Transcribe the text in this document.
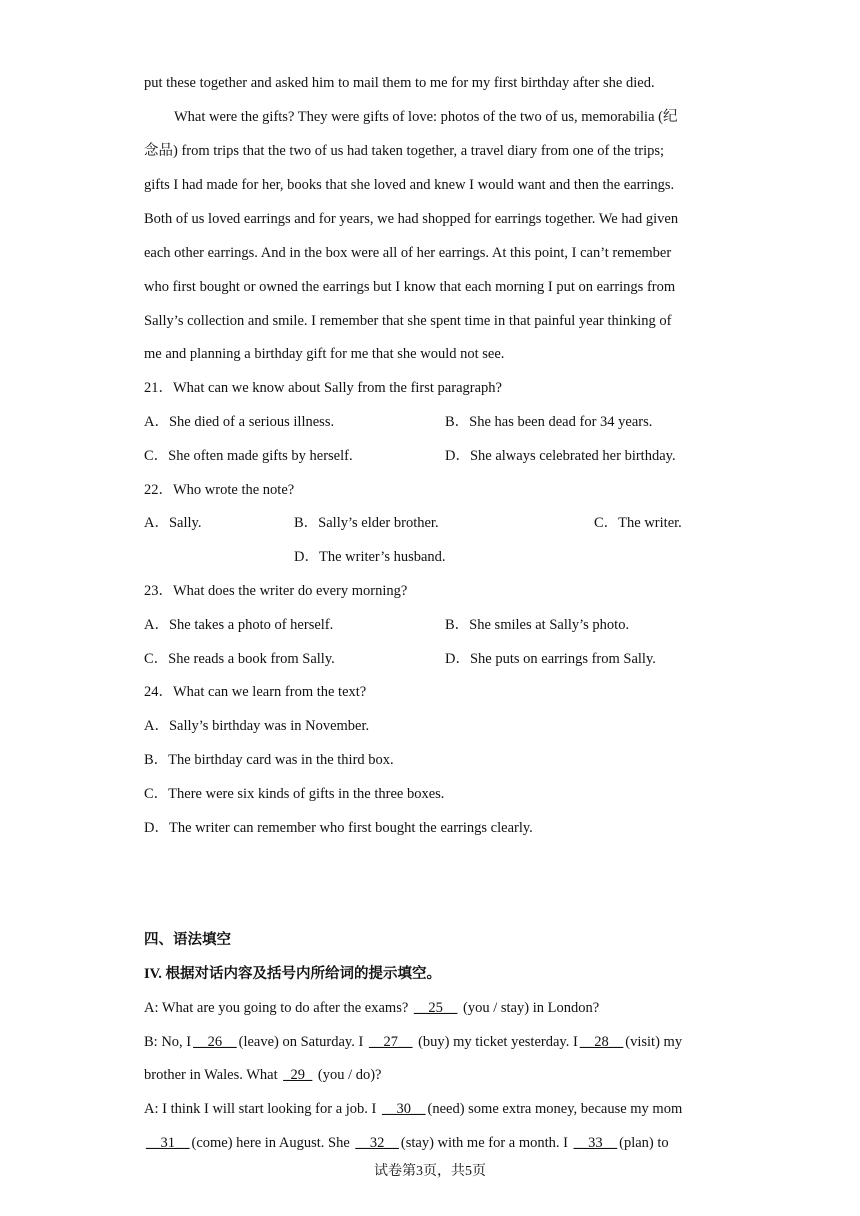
put these together and asked him to mail them to me for my first birthday after she died.
What were the gifts? They were gifts of love: photos of the two of us, memorabilia (纪
念品) from trips that the two of us had taken together, a travel diary from one of the trips;
gifts I had made for her, books that she loved and knew I would want and then the earrings.
Both of us loved earrings and for years, we had shopped for earrings together. We had given
each other earrings. And in the box were all of her earrings. At this point, I can’t remember
who first bought or owned the earrings but I know that each morning I put on earrings from
Sally’s collection and smile. I remember that she spent time in that painful year thinking of
me and planning a birthday gift for me that she would not see.
21．What can we know about Sally from the first paragraph?
A．She died of a serious illness.	B．She has been dead for 34 years.
C．She often made gifts by herself.	D．She always celebrated her birthday.
22．Who wrote the note?
A．Sally.	B．Sally’s elder brother.	C．The writer.
D．The writer’s husband.
23．What does the writer do every morning?
A．She takes a photo of herself.	B．She smiles at Sally’s photo.
C．She reads a book from Sally.	D．She puts on earrings from Sally.
24．What can we learn from the text?
A．Sally’s birthday was in November.
B．The birthday card was in the third box.
C．There were six kinds of gifts in the three boxes.
D．The writer can remember who first bought the earrings clearly.
四、语法填空
IV. 根据对话内容及括号内所给词的提示填空。
A: What are you going to do after the exams? __25__ (you / stay) in London?
B: No, I __26__ (leave) on Saturday. I __27__ (buy) my ticket yesterday. I __28__ (visit) my
brother in Wales. What _29_ (you / do)?
A: I think I will start looking for a job. I __30__ (need) some extra money, because my mom
__31__ (come) here in August. She __32__ (stay) with me for a month. I __33__ (plan) to
试卷第3页，共5页
